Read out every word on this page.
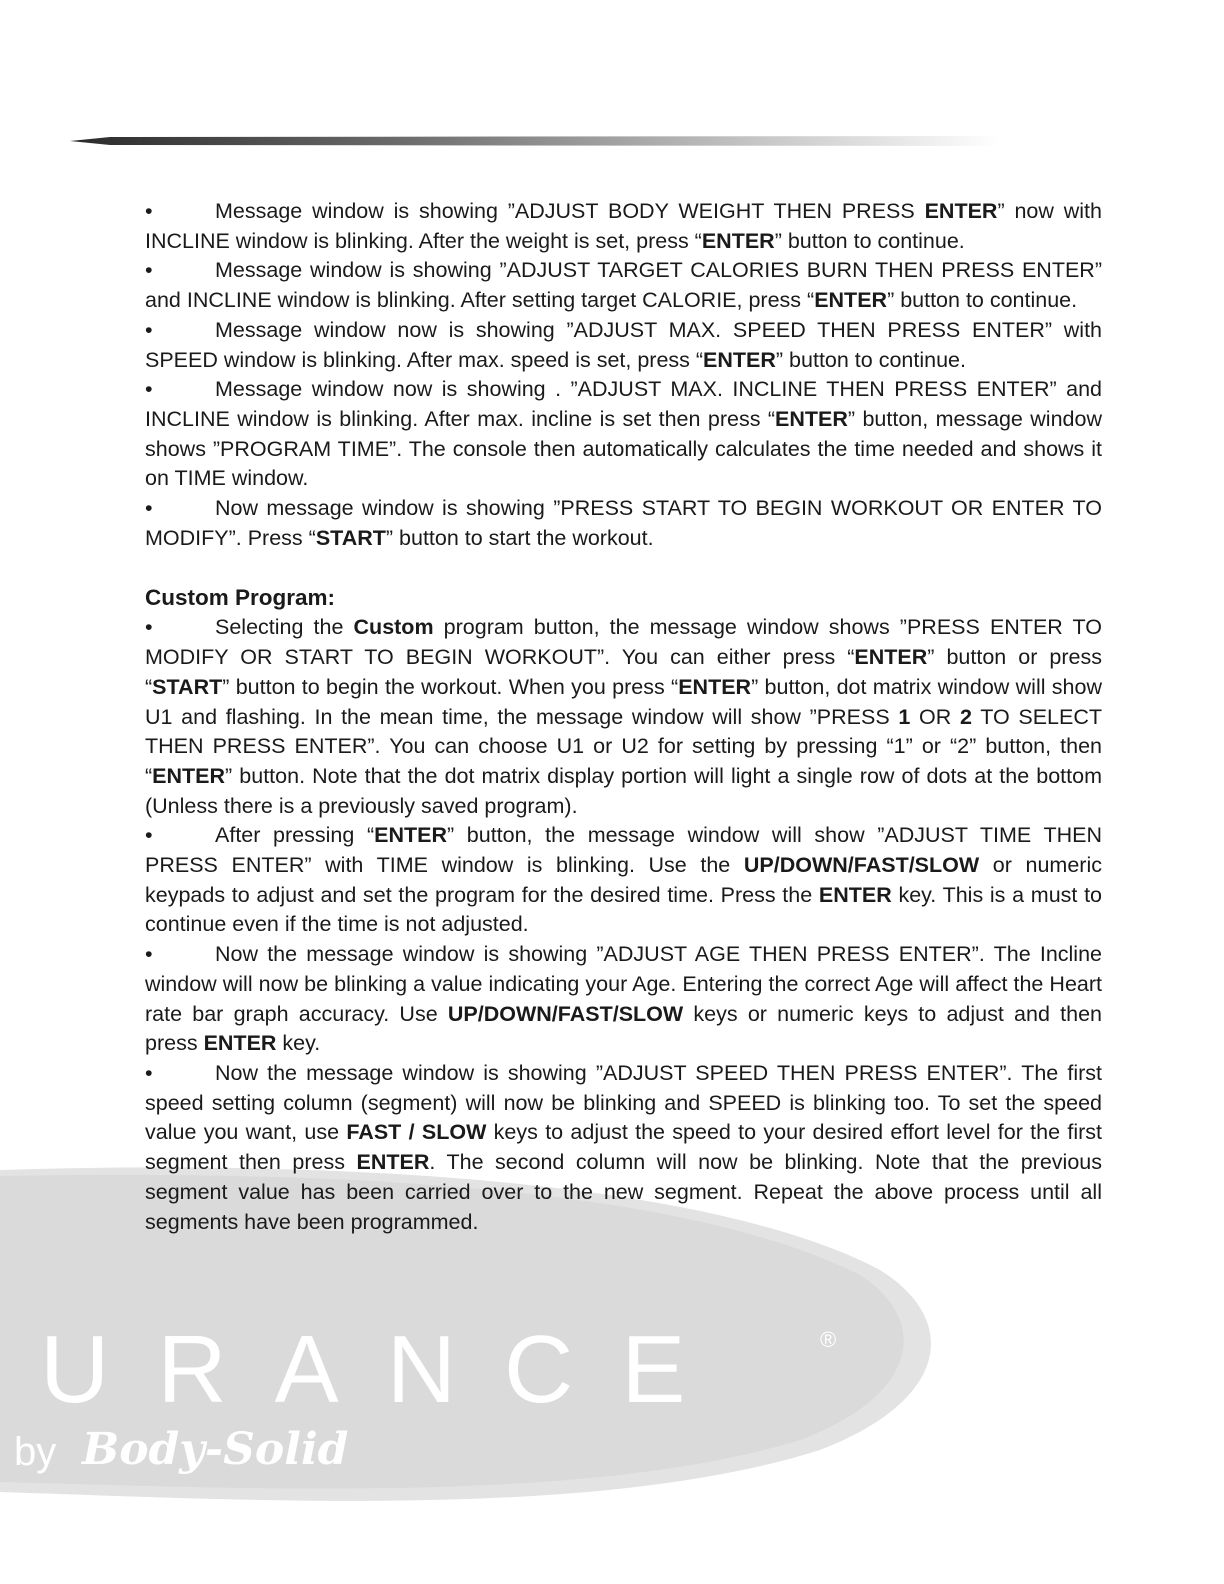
•	Message window is showing ”ADJUST BODY WEIGHT THEN PRESS ENTER” now with INCLINE window is blinking. After the weight is set, press “ENTER” button to continue.

•	Message window is showing ”ADJUST TARGET CALORIES BURN THEN PRESS ENTER” and INCLINE window is blinking. After setting target CALORIE, press “ENTER” button to continue.

•	Message window now is showing ”ADJUST MAX. SPEED THEN PRESS ENTER” with SPEED window is blinking. After max. speed is set, press “ENTER” button to continue.

•	Message window now is showing . ”ADJUST MAX. INCLINE THEN PRESS ENTER” and INCLINE window is blinking. After max. incline is set then press “ENTER” button, message window shows ”PROGRAM TIME”. The console then automatically calculates the time needed and shows it on TIME window.

•	Now message window is showing ”PRESS START TO BEGIN WORKOUT OR ENTER TO MODIFY”. Press “START” button to start the workout.

Custom Program:

•	Selecting the Custom program button, the message window shows ”PRESS ENTER TO MODIFY OR START TO BEGIN WORKOUT”. You can either press “ENTER” button or press “START” button to begin the workout. When you press “ENTER” button, dot matrix window will show U1 and flashing. In the mean time, the message window will show ”PRESS 1 OR 2 TO SELECT THEN PRESS ENTER”. You can choose U1 or U2 for setting by pressing “1” or “2” button, then “ENTER” button. Note that the dot matrix display portion will light a single row of dots at the bottom (Unless there is a previously saved program).

•	After pressing “ENTER” button, the message window will show ”ADJUST TIME THEN PRESS ENTER” with TIME window is blinking. Use the UP/DOWN/FAST/SLOW or numeric keypads to adjust and set the program for the desired time. Press the ENTER key. This is a must to continue even if the time is not adjusted.

•	Now the message window is showing ”ADJUST AGE THEN PRESS ENTER”. The Incline window will now be blinking a value indicating your Age. Entering the correct Age will affect the Heart rate bar graph accuracy. Use UP/DOWN/FAST/SLOW keys or numeric keys to adjust and then press ENTER key.

•	Now the message window is showing ”ADJUST SPEED THEN PRESS ENTER”. The first speed setting column (segment) will now be blinking and SPEED is blinking too. To set the speed value you want, use FAST / SLOW keys to adjust the speed to your desired effort level for the first segment then press ENTER. The second column will now be blinking. Note that the previous segment value has been carried over to the new segment. Repeat the above process until all segments have been programmed.

URANCE	®
by Body-Solid
